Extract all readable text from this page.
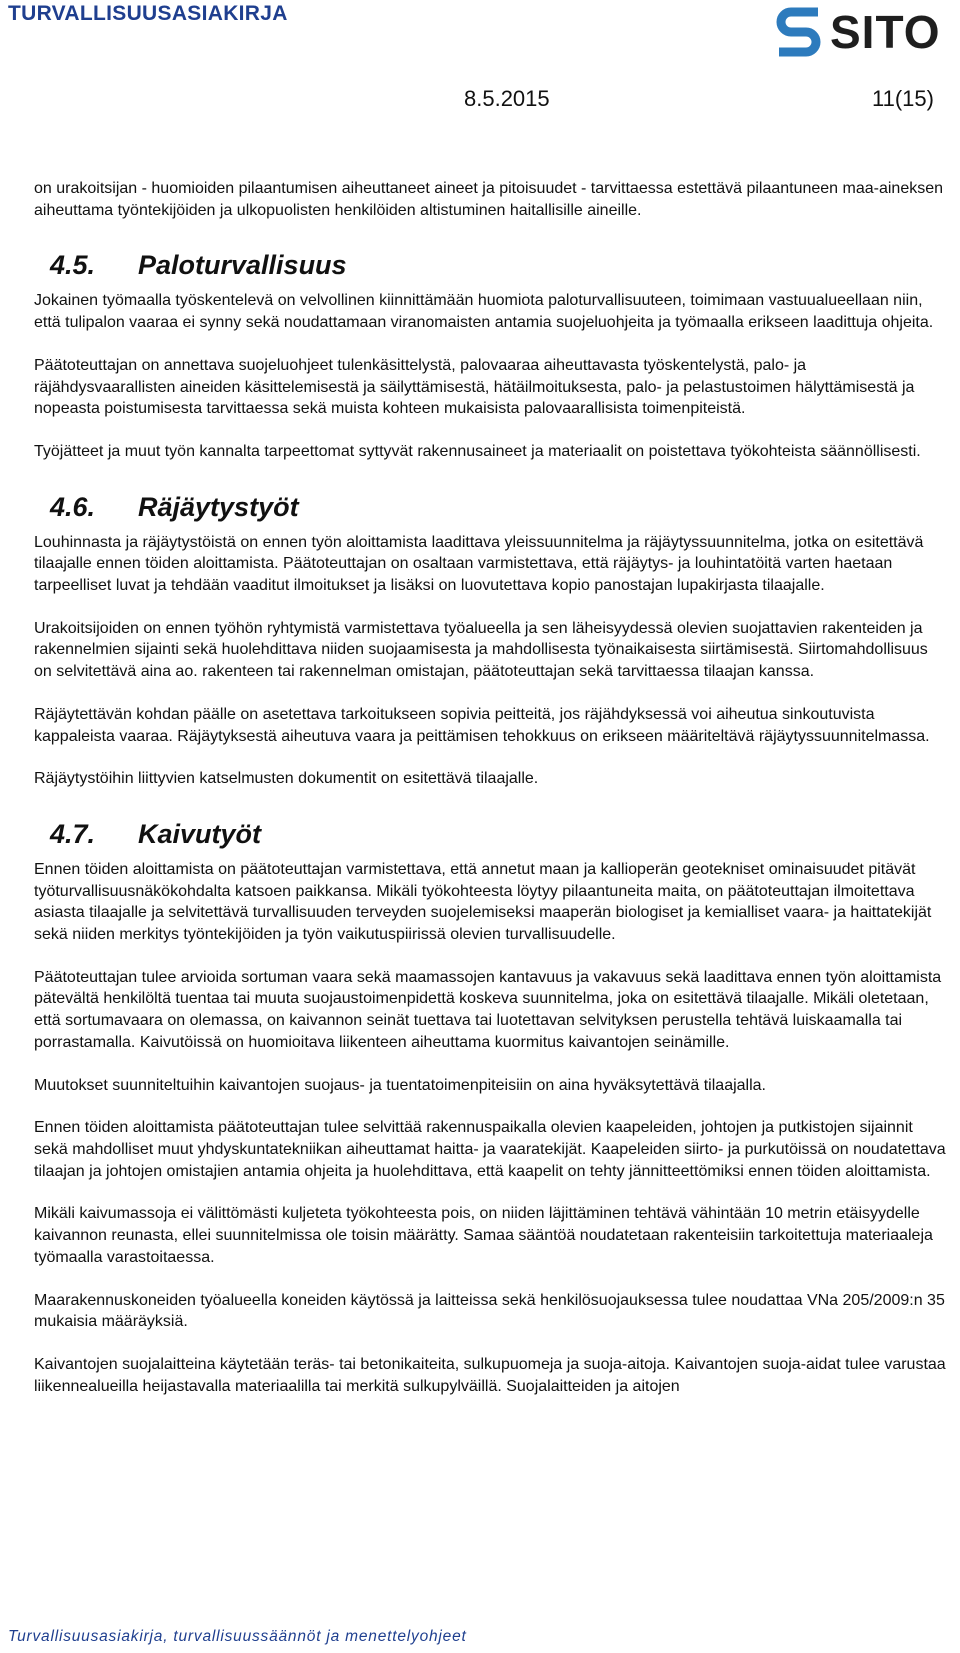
TURVALLISUUSASIAKIRJA	SITO
8.5.2015	11(15)

on urakoitsijan - huomioiden pilaantumisen aiheuttaneet aineet ja pitoisuudet - tarvittaessa estettävä pilaantuneen maa-aineksen aiheuttama työntekijöiden ja ulkopuolisten henkilöiden altistuminen haitallisille aineille.

4.5.	Paloturvallisuus

Jokainen työmaalla työskentelevä on velvollinen kiinnittämään huomiota paloturvallisuuteen, toimimaan vastuualueellaan niin, että tulipalon vaaraa ei synny sekä noudattamaan viranomaisten antamia suojeluohjeita ja työmaalla erikseen laadittuja ohjeita.

Päätoteuttajan on annettava suojeluohjeet tulenkäsittelystä, palovaaraa aiheuttavasta työskentelystä, palo- ja räjähdysvaarallisten aineiden käsittelemisestä ja säilyttämisestä, hätäilmoituksesta, palo- ja pelastustoimen hälyttämisestä ja nopeasta poistumisesta tarvittaessa sekä muista kohteen mukaisista palovaarallisista toimenpiteistä.

Työjätteet ja muut työn kannalta tarpeettomat syttyvät rakennusaineet ja materiaalit on poistettava työkohteista säännöllisesti.

4.6.	Räjäytystyöt

Louhinnasta ja räjäytystöistä on ennen työn aloittamista laadittava yleissuunnitelma ja räjäytyssuunnitelma, jotka on esitettävä tilaajalle ennen töiden aloittamista. Päätoteuttajan on osaltaan varmistettava, että räjäytys- ja louhintatöitä varten haetaan tarpeelliset luvat ja tehdään vaaditut ilmoitukset ja lisäksi on luovutettava kopio panostajan lupakirjasta tilaajalle.

Urakoitsijoiden on ennen työhön ryhtymistä varmistettava työalueella ja sen läheisyydessä olevien suojattavien rakenteiden ja rakennelmien sijainti sekä huolehdittava niiden suojaamisesta ja mahdollisesta työnaikaisesta siirtämisestä. Siirtomahdollisuus on selvitettävä aina ao. rakenteen tai rakennelman omistajan, päätoteuttajan sekä tarvittaessa tilaajan kanssa.

Räjäytettävän kohdan päälle on asetettava tarkoitukseen sopivia peitteitä, jos räjähdyksessä voi aiheutua sinkoutuvista kappaleista vaaraa. Räjäytyksestä aiheutuva vaara ja peittämisen tehokkuus on erikseen määriteltävä räjäytyssuunnitelmassa.

Räjäytystöihin liittyvien katselmusten dokumentit on esitettävä tilaajalle.

4.7.	Kaivutyöt

Ennen töiden aloittamista on päätoteuttajan varmistettava, että annetut maan ja kallioperän geotekniset ominaisuudet pitävät työturvallisuusnäkökohdalta katsoen paikkansa. Mikäli työkohteesta löytyy pilaantuneita maita, on päätoteuttajan ilmoitettava asiasta tilaajalle ja selvitettävä turvallisuuden terveyden suojelemiseksi maaperän biologiset ja kemialliset vaara- ja haittatekijät sekä niiden merkitys työntekijöiden ja työn vaikutuspiirissä olevien turvallisuudelle.

Päätoteuttajan tulee arvioida sortuman vaara sekä maamassojen kantavuus ja vakavuus sekä laadittava ennen työn aloittamista pätevältä henkilöltä tuentaa tai muuta suojaustoimenpidettä koskeva suunnitelma, joka on esitettävä tilaajalle. Mikäli oletetaan, että sortumavaara on olemassa, on kaivannon seinät tuettava tai luotettavan selvityksen perustella tehtävä luiskaamalla tai porrastamalla. Kaivutöissä on huomioitava liikenteen aiheuttama kuormitus kaivantojen seinämille.

Muutokset suunniteltuihin kaivantojen suojaus- ja tuentatoimenpiteisiin on aina hyväksytettävä tilaajalla.

Ennen töiden aloittamista päätoteuttajan tulee selvittää rakennuspaikalla olevien kaapeleiden, johtojen ja putkistojen sijainnit sekä mahdolliset muut yhdyskuntatekniikan aiheuttamat haitta- ja vaaratekijät. Kaapeleiden siirto- ja purkutöissä on noudatettava tilaajan ja johtojen omistajien antamia ohjeita ja huolehdittava, että kaapelit on tehty jännitteettömiksi ennen töiden aloittamista.

Mikäli kaivumassoja ei välittömästi kuljeteta työkohteesta pois, on niiden läjittäminen tehtävä vähintään 10 metrin etäisyydelle kaivannon reunasta, ellei suunnitelmissa ole toisin määrätty. Samaa sääntöä noudatetaan rakenteisiin tarkoitettuja materiaaleja työmaalla varastoitaessa.

Maarakennuskoneiden työalueella koneiden käytössä ja laitteissa sekä henkilösuojauksessa tulee noudattaa VNa 205/2009:n 35 mukaisia määräyksiä.

Kaivantojen suojalaitteina käytetään teräs- tai betonikaiteita, sulkupuomeja ja suoja-aitoja. Kaivantojen suoja-aidat tulee varustaa liikennealueilla heijastavalla materiaalilla tai merkitä sulkupylväillä. Suojalaitteiden ja aitojen

Turvallisuusasiakirja, turvallisuussäännöt ja menettelyohjeet
